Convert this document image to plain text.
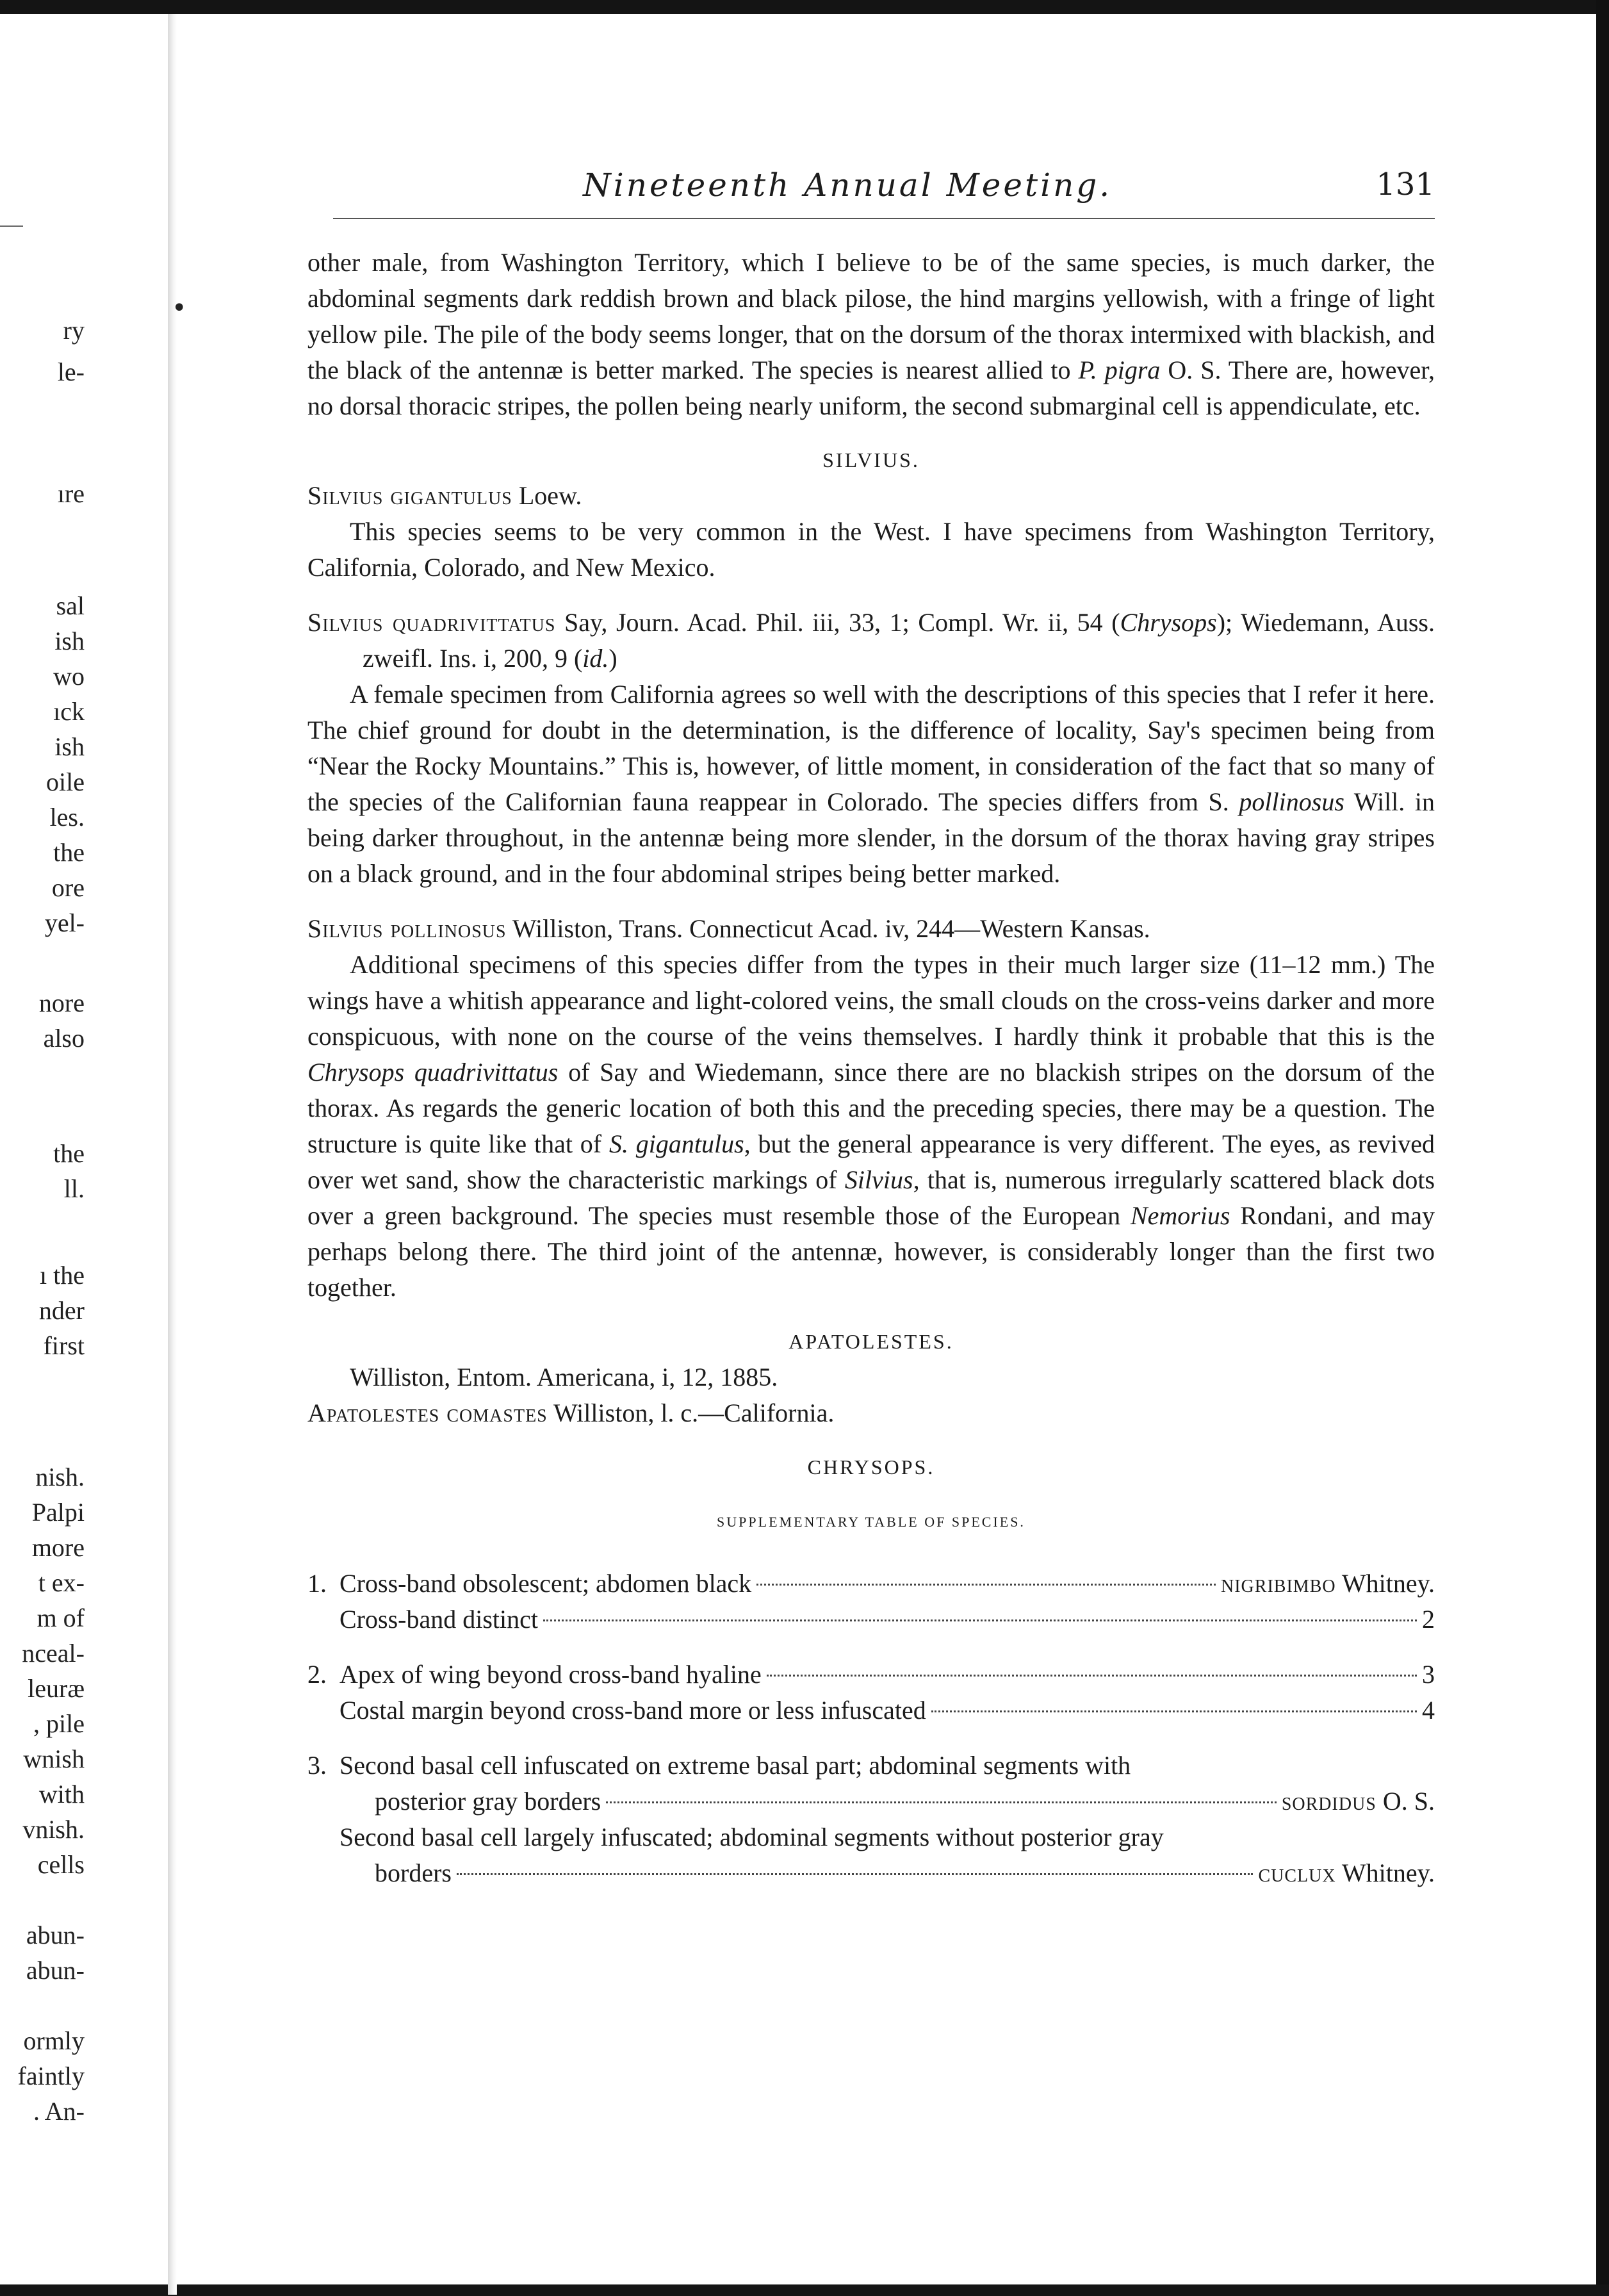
ry
le-
ıre
sal
ish
wo
ıck
ish
oile
les.
the
ore
yel-
nore
also
the
ll.
ı the
nder
first
nish.
Palpi
more
t ex-
m of
nceal-
leuræ
, pile
wnish
with
vnish.
cells
abun-
abun-
ormly
faintly
. An-
Nineteenth Annual Meeting.	131

other male, from Washington Territory, which I believe to be of the same species, is much darker, the abdominal segments dark reddish brown and black pilose, the hind margins yellowish, with a fringe of light yellow pile. The pile of the body seems longer, that on the dorsum of the thorax intermixed with blackish, and the black of the antennæ is better marked. The species is nearest allied to P. pigra O. S. There are, however, no dorsal thoracic stripes, the pollen being nearly uniform, the second submarginal cell is appendiculate, etc.

SILVIUS.

Silvius gigantulus Loew.

This species seems to be very common in the West. I have specimens from Washington Territory, California, Colorado, and New Mexico.

Silvius quadrivittatus Say, Journ. Acad. Phil. iii, 33, 1; Compl. Wr. ii, 54 (Chrysops); Wiedemann, Auss. zweifl. Ins. i, 200, 9 (id.)

A female specimen from California agrees so well with the descriptions of this species that I refer it here. The chief ground for doubt in the determination, is the difference of locality, Say's specimen being from “Near the Rocky Mountains.” This is, however, of little moment, in consideration of the fact that so many of the species of the Californian fauna reappear in Colorado. The species differs from S. pollinosus Will. in being darker throughout, in the antennæ being more slender, in the dorsum of the thorax having gray stripes on a black ground, and in the four abdominal stripes being better marked.

Silvius pollinosus Williston, Trans. Connecticut Acad. iv, 244—Western Kansas.

Additional specimens of this species differ from the types in their much larger size (11–12 mm.) The wings have a whitish appearance and light-colored veins, the small clouds on the cross-veins darker and more conspicuous, with none on the course of the veins themselves. I hardly think it probable that this is the Chrysops quadrivittatus of Say and Wiedemann, since there are no blackish stripes on the dorsum of the thorax. As regards the generic location of both this and the preceding species, there may be a question. The structure is quite like that of S. gigantulus, but the general appearance is very different. The eyes, as revived over wet sand, show the characteristic markings of Silvius, that is, numerous irregularly scattered black dots over a green background. The species must resemble those of the European Nemorius Rondani, and may perhaps belong there. The third joint of the antennæ, however, is considerably longer than the first two together.

APATOLESTES.

Williston, Entom. Americana, i, 12, 1885.

Apatolestes comastes Williston, l. c.—California.

CHRYSOPS.
SUPPLEMENTARY TABLE OF SPECIES.
1. Cross-band obsolescent; abdomen black	nigribimbo Whitney.
Cross-band distinct	2
2. Apex of wing beyond cross-band hyaline	3
Costal margin beyond cross-band more or less infuscated	4
3. Second basal cell infuscated on extreme basal part; abdominal segments with
posterior gray borders	sordidus O. S.
Second basal cell largely infuscated; abdominal segments without posterior gray
borders	cuclux Whitney.
•
